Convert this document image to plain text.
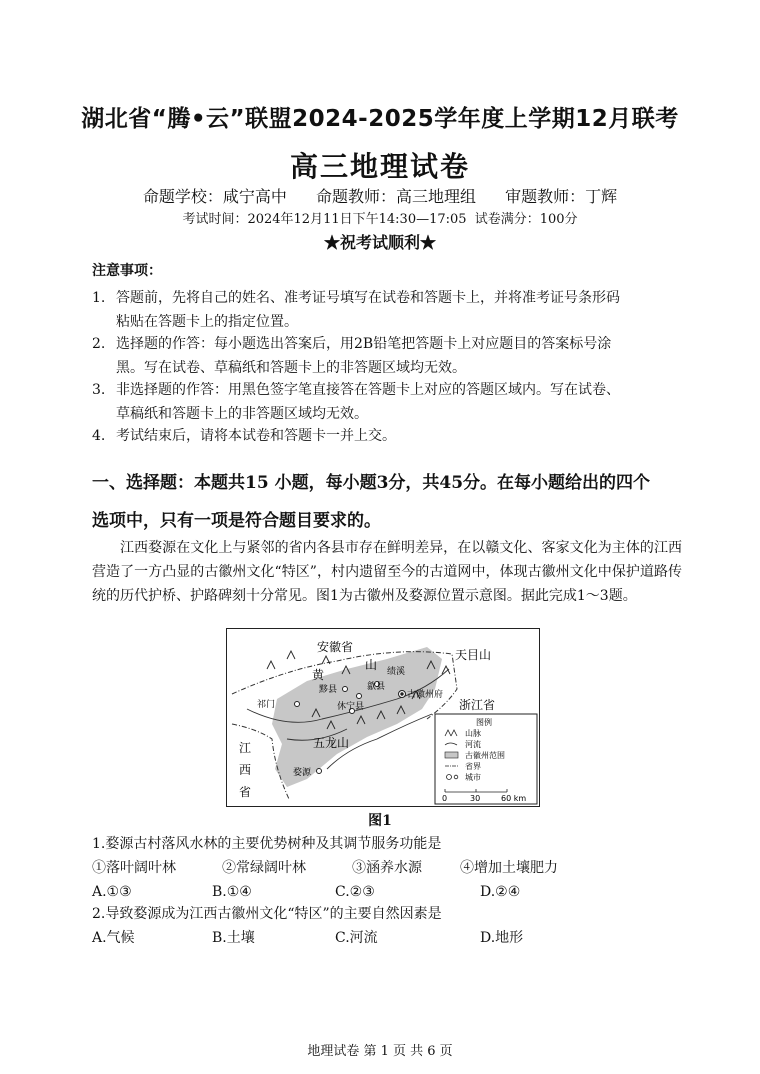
湖北省“腾•云”联盟2024-2025学年度上学期12月联考
高三地理试卷
命题学校：咸宁高中 命题教师：高三地理组 审题教师：丁辉
考试时间：2024年12月11日下午14:30—17:05 试卷满分：100分
★祝考试顺利★
注意事项：
1. 答题前，先将自己的姓名、准考证号填写在试卷和答题卡上，并将准考证号条形码
粘贴在答题卡上的指定位置。
2. 选择题的作答：每小题选出答案后，用2B铅笔把答题卡上对应题目的答案标号涂
黑。写在试卷、草稿纸和答题卡上的非答题区域均无效。
3. 非选择题的作答：用黑色签字笔直接答在答题卡上对应的答题区域内。写在试卷、
草稿纸和答题卡上的非答题区域均无效。
4. 考试结束后，请将本试卷和答题卡一并上交。
一、选择题：本题共15 小题，每小题3分，共45分。在每小题给出的四个
选项中，只有一项是符合题目要求的。
江西婺源在文化上与紧邻的省内各县市存在鲜明差异，在以赣文化、客家文化为主体的江西营造了一方凸显的古徽州文化“特区”，村内遗留至今的古道网中，体现古徽州文化中保护道路传统的历代护桥、护路碑刻十分常见。图1为古徽州及婺源位置示意图。据此完成1～3题。
安徽省
黄
山
天目山
绩溪
黟县	歙县
古徽州府
祁门	休宁县	浙江省
五龙山
江
西
省
婺源
图例
山脉
河流
古徽州范围
省界
城市
0	30	60 km
图1
1.婺源古村落风水林的主要优势树种及其调节服务功能是
①落叶阔叶林	②常绿阔叶林	③涵养水源	④增加土壤肥力
A.①③	B.①④	C.②③	D.②④
2.导致婺源成为江西古徽州文化“特区”的主要自然因素是
A.气候	B.土壤	C.河流	D.地形
地理试卷 第 1 页 共 6 页
